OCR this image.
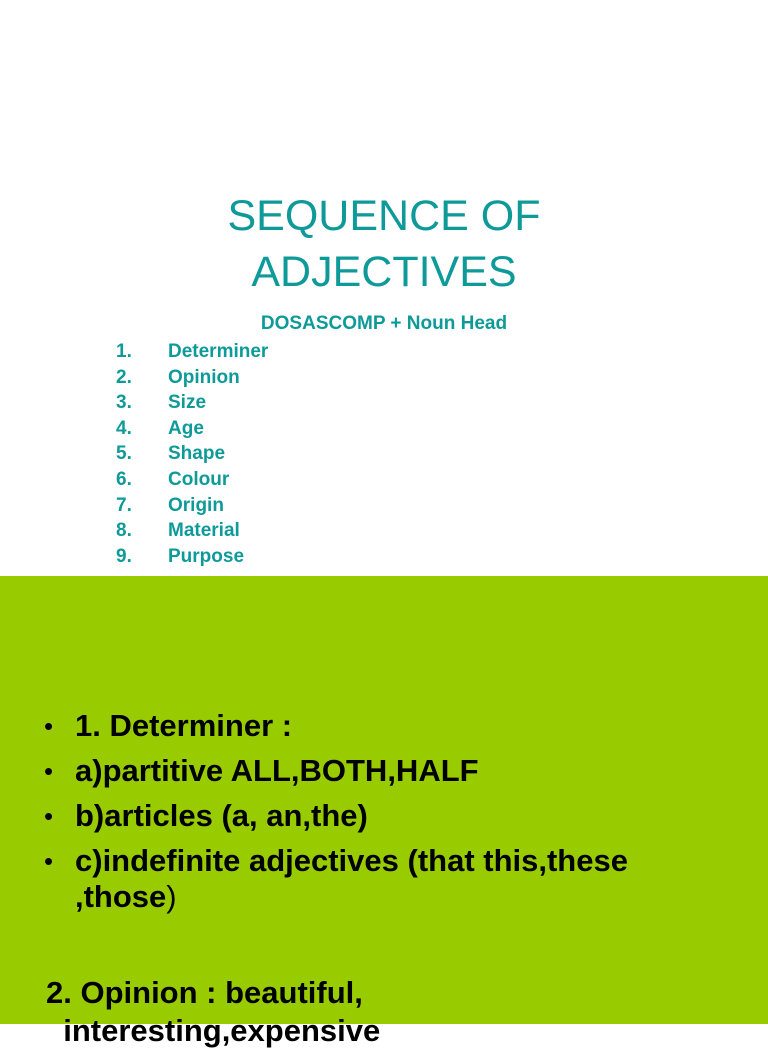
SEQUENCE OF
ADJECTIVES
DOSASCOMP + Noun Head
1. Determiner
2. Opinion
3. Size
4. Age
5. Shape
6. Colour
7. Origin
8. Material
9. Purpose
• 1. Determiner :
• a)partitive ALL,BOTH,HALF
• b)articles (a, an,the)
• c)indefinite adjectives (that this,these ,those)
2. Opinion : beautiful,
interesting,expensive
